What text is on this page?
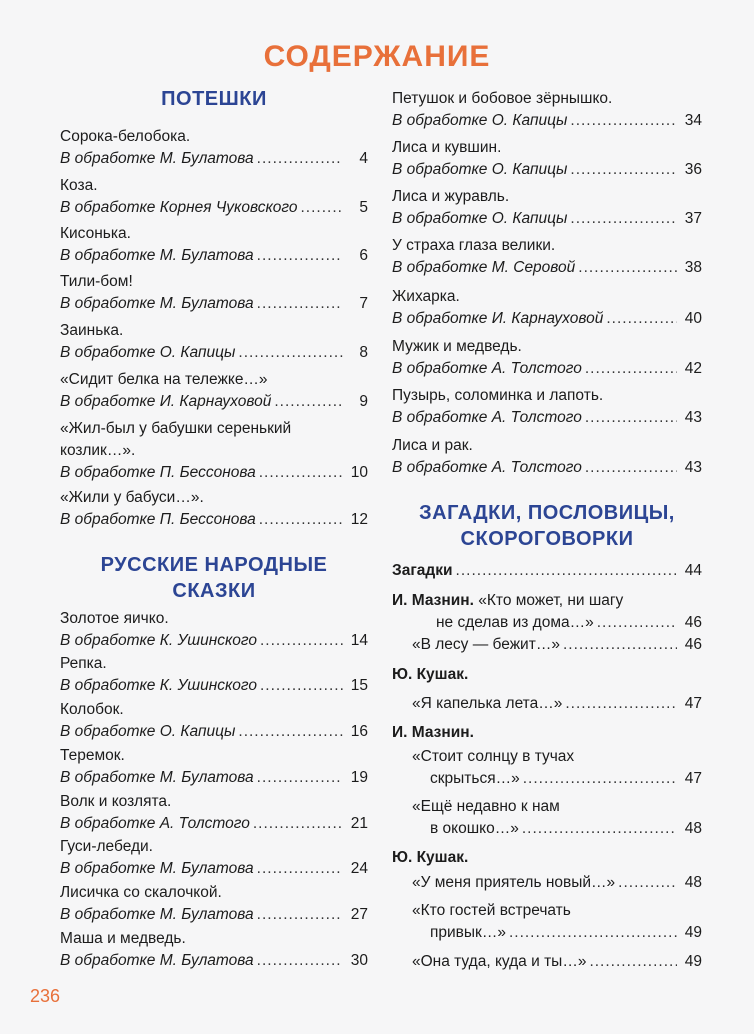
СОДЕРЖАНИЕ
ПОТЕШКИ
Сорока-белобока.
В обработке М. Булатова .....	4
Коза.
В обработке Корнея Чуковского .....	5
Кисонька.
В обработке М. Булатова .....	6
Тили-бом!
В обработке М. Булатова .....	7
Заинька.
В обработке О. Капицы .....	8
«Сидит белка на тележке…»
В обработке И. Карнауховой .....	9
«Жил-был у бабушки серенький
козлик…».
В обработке П. Бессонова .....	10
«Жили у бабуси…».
В обработке П. Бессонова .....	12
РУССКИЕ НАРОДНЫЕ
СКАЗКИ
Золотое яичко.
В обработке К. Ушинского .....	14
Репка.
В обработке К. Ушинского .....	15
Колобок.
В обработке О. Капицы .....	16
Теремок.
В обработке М. Булатова .....	19
Волк и козлята.
В обработке А. Толстого .....	21
Гуси-лебеди.
В обработке М. Булатова .....	24
Лисичка со скалочкой.
В обработке М. Булатова .....	27
Маша и медведь.
В обработке М. Булатова .....	30
Петушок и бобовое зёрнышко.
В обработке О. Капицы .....	34
Лиса и кувшин.
В обработке О. Капицы .....	36
Лиса и журавль.
В обработке О. Капицы .....	37
У страха глаза велики.
В обработке М. Серовой .....	38
Жихарка.
В обработке И. Карнауховой .....	40
Мужик и медведь.
В обработке А. Толстого .....	42
Пузырь, соломинка и лапоть.
В обработке А. Толстого .....	43
Лиса и рак.
В обработке А. Толстого .....	43
ЗАГАДКИ, ПОСЛОВИЦЫ,
СКОРОГОВОРКИ
Загадки .....	44
И. Мазнин. «Кто может, ни шагу
не сделав из дома…» .....	46
«В лесу — бежит…» .....	46
Ю. Кушак.
«Я капелька лета…» .....	47
И. Мазнин.
«Стоит солнцу в тучах
скрыться…» .....	47
«Ещё недавно к нам
в окошко…» .....	48
Ю. Кушак.
«У меня приятель новый…» .....	48
«Кто гостей встречать
привык…» .....	49
«Она туда, куда и ты…» .....	49
236
